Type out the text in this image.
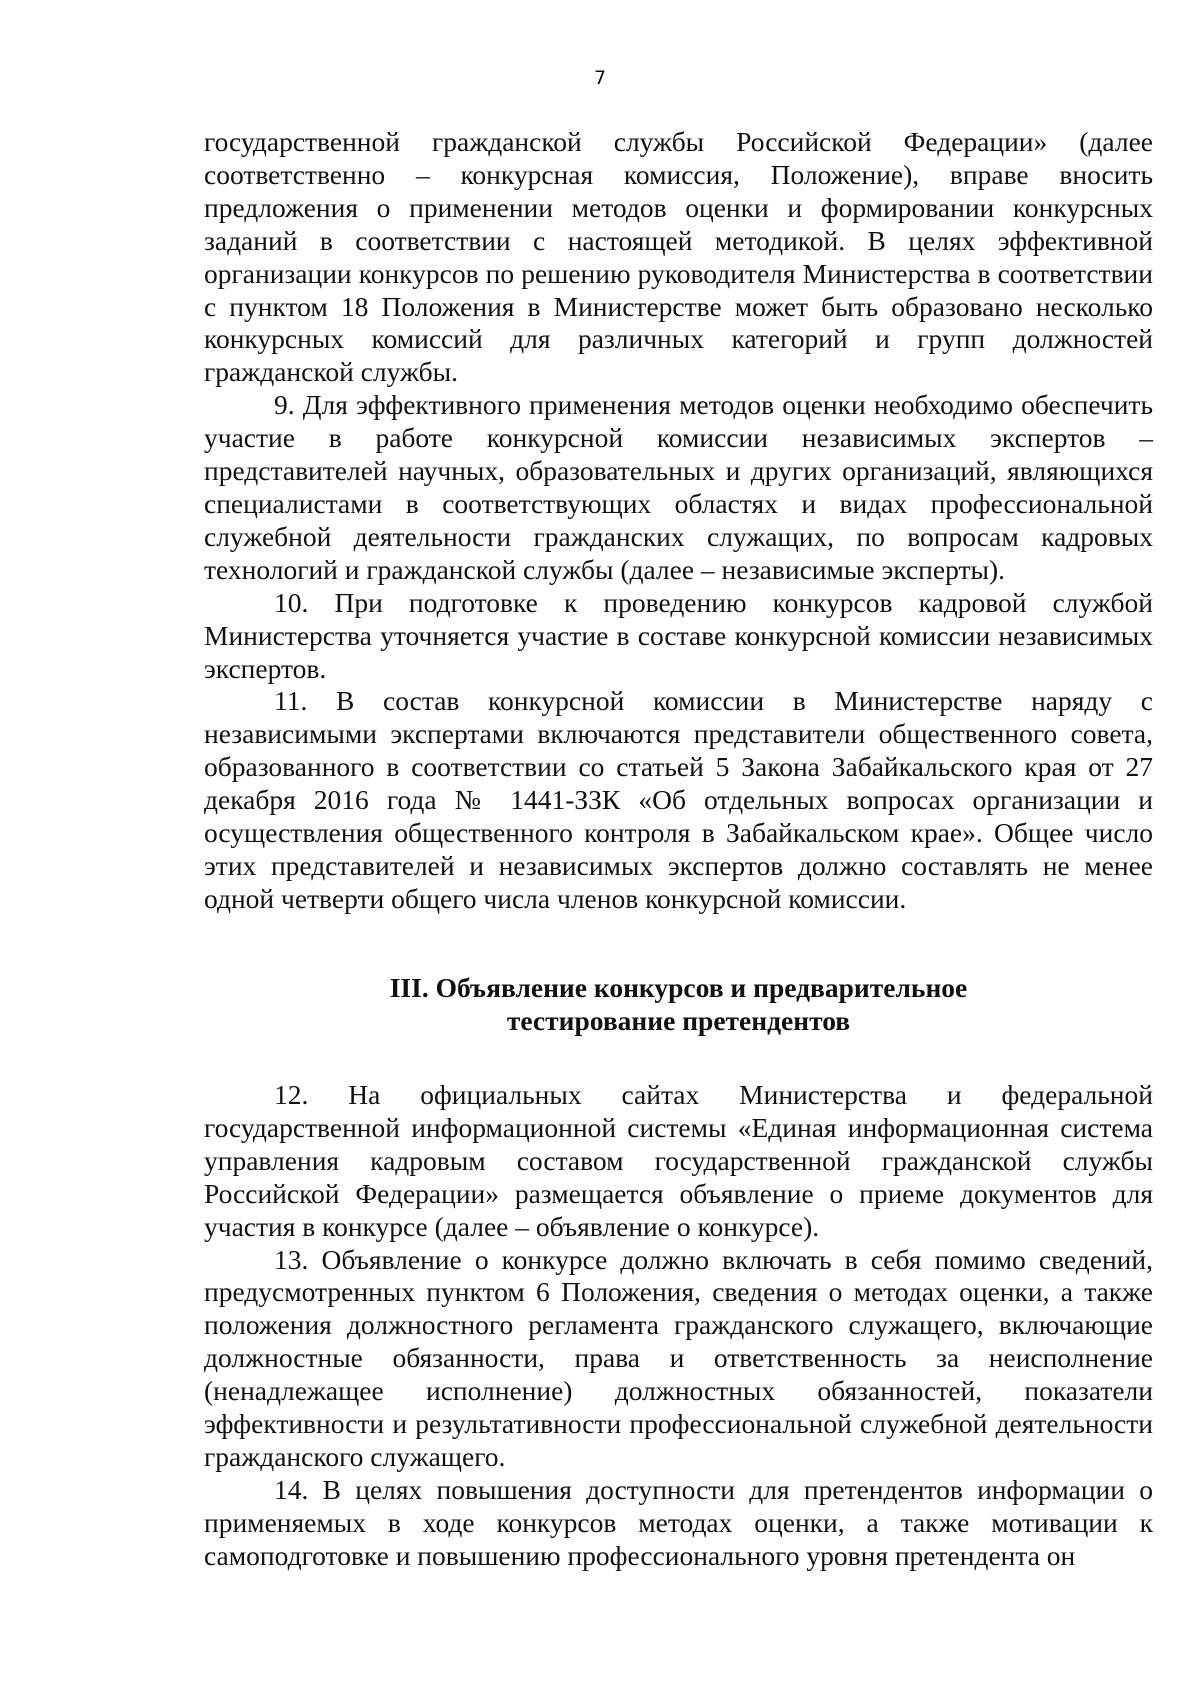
7

государственной гражданской службы Российской Федерации» (далее соответственно – конкурсная комиссия, Положение), вправе вносить предложения о применении методов оценки и формировании конкурсных заданий в соответствии с настоящей методикой. В целях эффективной организации конкурсов по решению руководителя Министерства в соответствии с пунктом 18 Положения в Министерстве может быть образовано несколько конкурсных комиссий для различных категорий и групп должностей гражданской службы.

9. Для эффективного применения методов оценки необходимо обеспечить участие в работе конкурсной комиссии независимых экспертов – представителей научных, образовательных и других организаций, являющихся специалистами в соответствующих областях и видах профессиональной служебной деятельности гражданских служащих, по вопросам кадровых технологий и гражданской службы (далее – независимые эксперты).

10. При подготовке к проведению конкурсов кадровой службой Министерства уточняется участие в составе конкурсной комиссии независимых экспертов.

11. В состав конкурсной комиссии в Министерстве наряду с независимыми экспертами включаются представители общественного совета, образованного в соответствии со статьей 5 Закона Забайкальского края от 27 декабря 2016 года № 1441-ЗЗК «Об отдельных вопросах организации и осуществления общественного контроля в Забайкальском крае». Общее число этих представителей и независимых экспертов должно составлять не менее одной четверти общего числа членов конкурсной комиссии.

III. Объявление конкурсов и предварительное
тестирование претендентов

12. На официальных сайтах Министерства и федеральной государственной информационной системы «Единая информационная система управления кадровым составом государственной гражданской службы Российской Федерации» размещается объявление о приеме документов для участия в конкурсе (далее – объявление о конкурсе).

13. Объявление о конкурсе должно включать в себя помимо сведений, предусмотренных пунктом 6 Положения, сведения о методах оценки, а также положения должностного регламента гражданского служащего, включающие должностные обязанности, права и ответственность за неисполнение (ненадлежащее исполнение) должностных обязанностей, показатели эффективности и результативности профессиональной служебной деятельности гражданского служащего.

14. В целях повышения доступности для претендентов информации о применяемых в ходе конкурсов методах оценки, а также мотивации к самоподготовке и повышению профессионального уровня претендента он
